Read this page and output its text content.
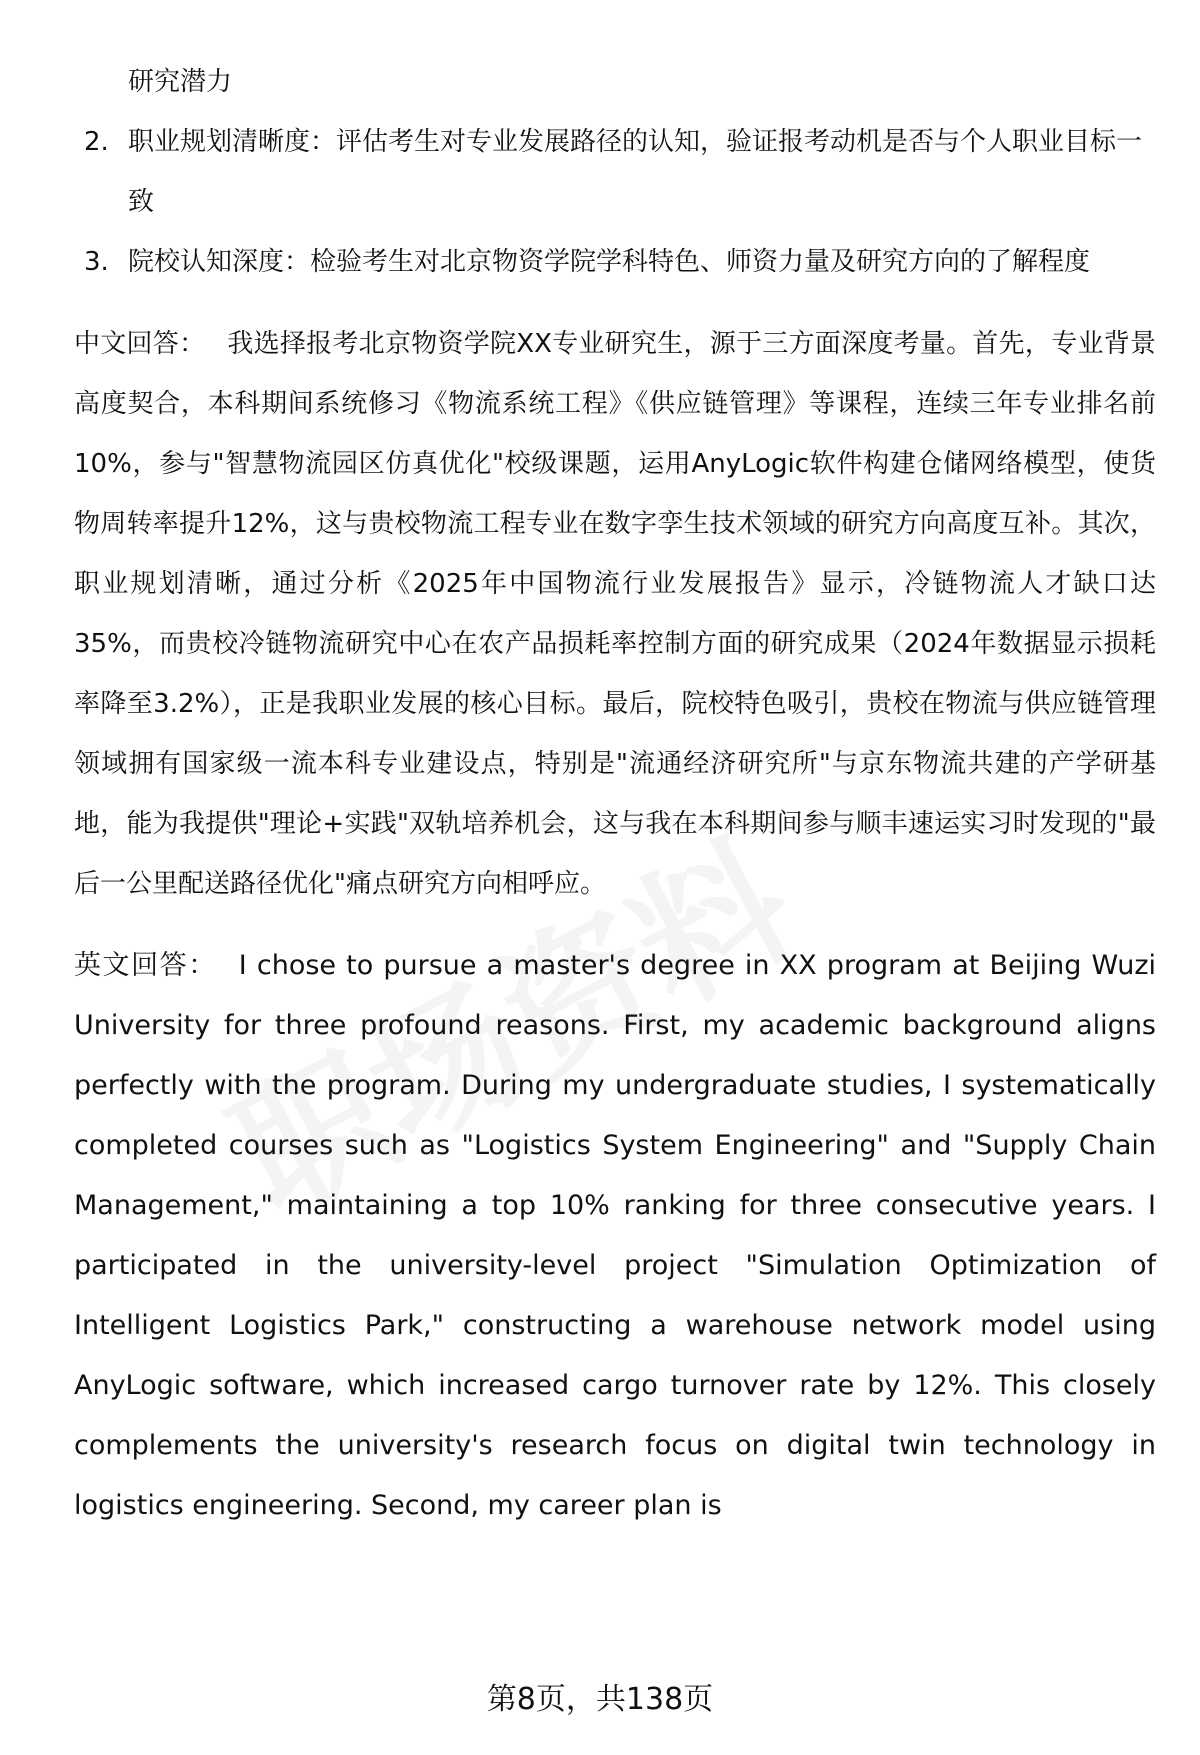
研究潜力
2. 职业规划清晰度：评估考生对专业发展路径的认知，验证报考动机是否与个人职业目标一致
3. 院校认知深度：检验考生对北京物资学院学科特色、师资力量及研究方向的了解程度

中文回答： 我选择报考北京物资学院XX专业研究生，源于三方面深度考量。首先，专业背景高度契合，本科期间系统修习《物流系统工程》《供应链管理》等课程，连续三年专业排名前10%，参与"智慧物流园区仿真优化"校级课题，运用AnyLogic软件构建仓储网络模型，使货物周转率提升12%，这与贵校物流工程专业在数字孪生技术领域的研究方向高度互补。其次，职业规划清晰，通过分析《2025年中国物流行业发展报告》显示，冷链物流人才缺口达35%，而贵校冷链物流研究中心在农产品损耗率控制方面的研究成果（2024年数据显示损耗率降至3.2%），正是我职业发展的核心目标。最后，院校特色吸引，贵校在物流与供应链管理领域拥有国家级一流本科专业建设点，特别是"流通经济研究所"与京东物流共建的产学研基地，能为我提供"理论+实践"双轨培养机会，这与我在本科期间参与顺丰速运实习时发现的"最后一公里配送路径优化"痛点研究方向相呼应。

英文回答： I chose to pursue a master's degree in XX program at Beijing Wuzi University for three profound reasons. First, my academic background aligns perfectly with the program. During my undergraduate studies, I systematically completed courses such as "Logistics System Engineering" and "Supply Chain Management," maintaining a top 10% ranking for three consecutive years. I participated in the university-level project "Simulation Optimization of Intelligent Logistics Park," constructing a warehouse network model using AnyLogic software, which increased cargo turnover rate by 12%. This closely complements the university's research focus on digital twin technology in logistics engineering. Second, my career plan is

第8页，共138页
